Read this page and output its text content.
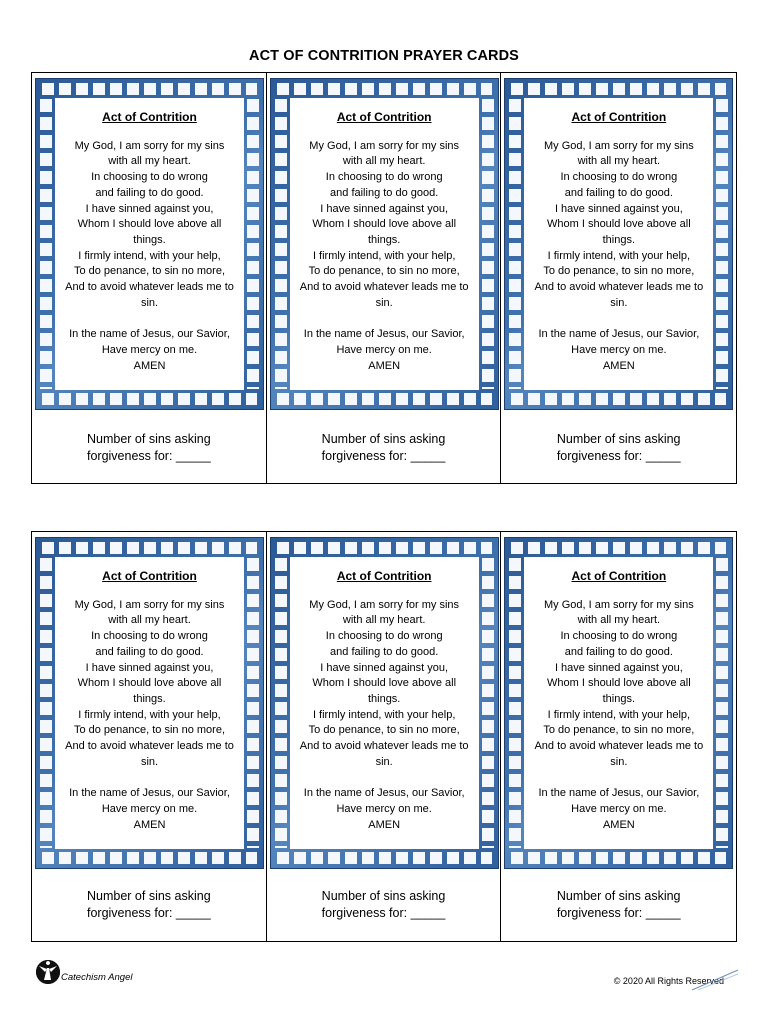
ACT OF CONTRITION PRAYER CARDS
Act of Contrition
My God, I am sorry for my sins
with all my heart.
In choosing to do wrong
and failing to do good.
I have sinned against you,
Whom I should love above all
things.
I firmly intend, with your help,
To do penance, to sin no more,
And to avoid whatever leads me to
sin.
In the name of Jesus, our Savior,
Have mercy on me.
AMEN
Number of sins asking
forgiveness for: _____
Act of Contrition
My God, I am sorry for my sins
with all my heart.
In choosing to do wrong
and failing to do good.
I have sinned against you,
Whom I should love above all
things.
I firmly intend, with your help,
To do penance, to sin no more,
And to avoid whatever leads me to
sin.
In the name of Jesus, our Savior,
Have mercy on me.
AMEN
Number of sins asking
forgiveness for: _____
Act of Contrition
My God, I am sorry for my sins
with all my heart.
In choosing to do wrong
and failing to do good.
I have sinned against you,
Whom I should love above all
things.
I firmly intend, with your help,
To do penance, to sin no more,
And to avoid whatever leads me to
sin.
In the name of Jesus, our Savior,
Have mercy on me.
AMEN
Number of sins asking
forgiveness for: _____
Act of Contrition
My God, I am sorry for my sins
with all my heart.
In choosing to do wrong
and failing to do good.
I have sinned against you,
Whom I should love above all
things.
I firmly intend, with your help,
To do penance, to sin no more,
And to avoid whatever leads me to
sin.
In the name of Jesus, our Savior,
Have mercy on me.
AMEN
Number of sins asking
forgiveness for: _____
Act of Contrition
My God, I am sorry for my sins
with all my heart.
In choosing to do wrong
and failing to do good.
I have sinned against you,
Whom I should love above all
things.
I firmly intend, with your help,
To do penance, to sin no more,
And to avoid whatever leads me to
sin.
In the name of Jesus, our Savior,
Have mercy on me.
AMEN
Number of sins asking
forgiveness for: _____
Act of Contrition
My God, I am sorry for my sins
with all my heart.
In choosing to do wrong
and failing to do good.
I have sinned against you,
Whom I should love above all
things.
I firmly intend, with your help,
To do penance, to sin no more,
And to avoid whatever leads me to
sin.
In the name of Jesus, our Savior,
Have mercy on me.
AMEN
Number of sins asking
forgiveness for: _____
Catechism Angel	© 2020 All Rights Reserved
